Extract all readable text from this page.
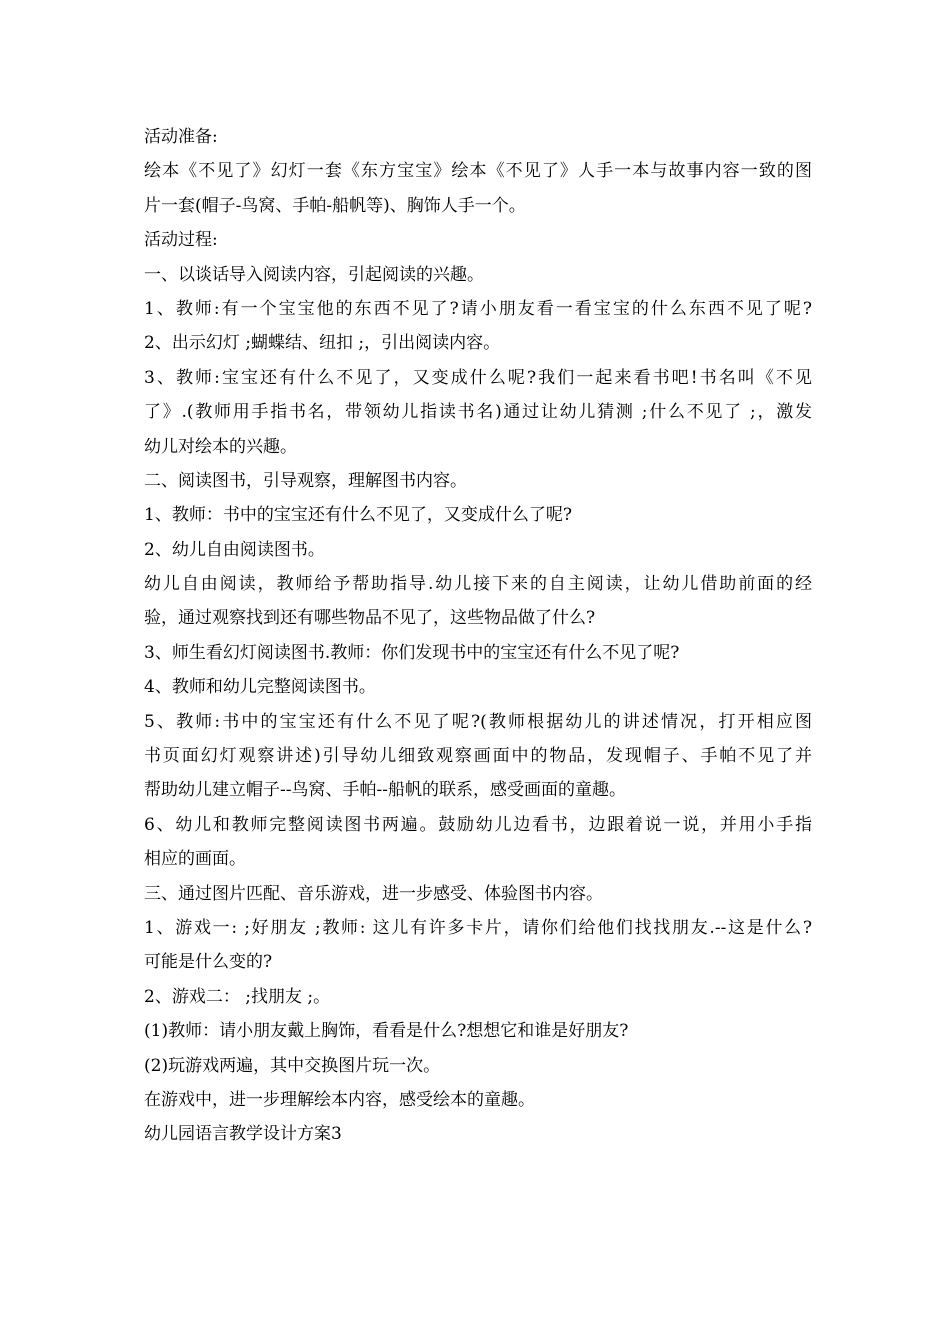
活动准备:
绘本《不见了》幻灯一套《东方宝宝》绘本《不见了》人手一本与故事内容一致的图
片一套(帽子-鸟窝、手帕-船帆等)、胸饰人手一个。
活动过程:
一、以谈话导入阅读内容，引起阅读的兴趣。
1、教师:有一个宝宝他的东西不见了?请小朋友看一看宝宝的什么东西不见了呢?
2、出示幻灯 ;蝴蝶结、纽扣 ;，引出阅读内容。
3、教师:宝宝还有什么不见了，又变成什么呢?我们一起来看书吧!书名叫《不见
了》.(教师用手指书名，带领幼儿指读书名)通过让幼儿猜测 ;什么不见了 ;，激发
幼儿对绘本的兴趣。
二、阅读图书，引导观察，理解图书内容。
1、教师：书中的宝宝还有什么不见了，又变成什么了呢?
2、幼儿自由阅读图书。
幼儿自由阅读，教师给予帮助指导.幼儿接下来的自主阅读，让幼儿借助前面的经
验，通过观察找到还有哪些物品不见了，这些物品做了什么?
3、师生看幻灯阅读图书.教师：你们发现书中的宝宝还有什么不见了呢?
4、教师和幼儿完整阅读图书。
5、教师:书中的宝宝还有什么不见了呢?(教师根据幼儿的讲述情况，打开相应图
书页面幻灯观察讲述)引导幼儿细致观察画面中的物品，发现帽子、手帕不见了并
帮助幼儿建立帽子--鸟窝、手帕--船帆的联系，感受画面的童趣。
6、幼儿和教师完整阅读图书两遍。鼓励幼儿边看书，边跟着说一说，并用小手指
相应的画面。
三、通过图片匹配、音乐游戏，进一步感受、体验图书内容。
1、游戏一: ;好朋友 ;教师: 这儿有许多卡片，请你们给他们找找朋友.--这是什么?
可能是什么变的?
2、游戏二： ;找朋友 ;。
(1)教师：请小朋友戴上胸饰，看看是什么?想想它和谁是好朋友?
(2)玩游戏两遍，其中交换图片玩一次。
在游戏中，进一步理解绘本内容，感受绘本的童趣。
幼儿园语言教学设计方案3
